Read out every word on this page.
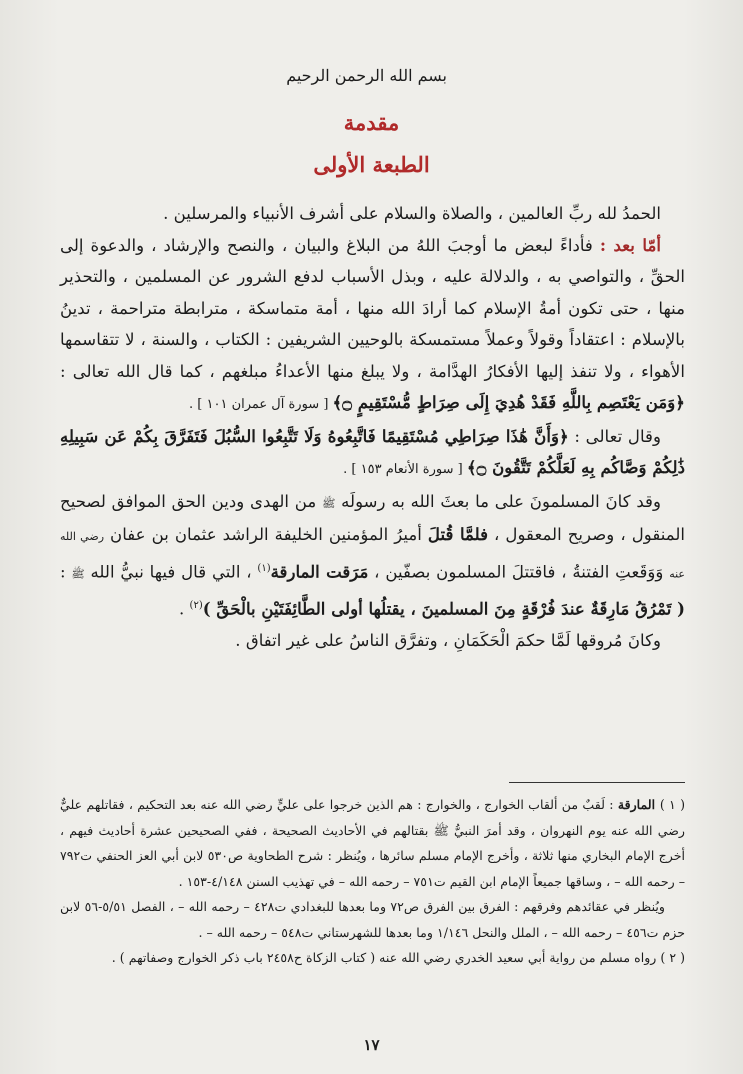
بسم الله الرحمن الرحيم
مقدمة
الطبعة الأولى

الحمدُ لله ربِّ العالمين ، والصلاة والسلام على أشرف الأنبياء والمرسلين .

أمّا بعد : فأداءً لبعض ما أوجبَ اللهُ من البلاغ والبيان ، والنصح والإرشاد ، والدعوة إلى الحقِّ ، والتواصي به ، والدلالة عليه ، وبذل الأسباب لدفع الشرور عن المسلمين ، والتحذير منها ، حتى تكون أمةُ الإسلام كما أرادَ الله منها ، أمة متماسكة ، مترابطة متراحمة ، تدينُ بالإسلام : اعتقاداً وقولاً وعملاً مستمسكة بالوحيين الشريفين : الكتاب ، والسنة ، لا تتقاسمها الأهواء ، ولا تنفذ إليها الأفكارُ الهدَّامة ، ولا يبلغ منها الأعداءُ مبلغهم ، كما قال الله تعالى : ﴿وَمَن يَعْتَصِم بِاللَّهِ فَقَدْ هُدِيَ إِلَى صِرَاطٍ مُّسْتَقِيمٍ ۝﴾ [ سورة آل عمران ١٠١ ] .

وقال تعالى : ﴿وَأَنَّ هَٰذَا صِرَاطِي مُسْتَقِيمًا فَاتَّبِعُوهُ وَلَا تَتَّبِعُوا السُّبُلَ فَتَفَرَّقَ بِكُمْ عَن سَبِيلِهِ ذَٰلِكُمْ وَصَّاكُم بِهِ لَعَلَّكُمْ تَتَّقُونَ ۝﴾ [ سورة الأنعام ١٥٣ ] .

وقد كانَ المسلمونَ على ما بعثَ الله به رسولَه ﷺ من الهدى ودين الحق الموافق لصحيح المنقول ، وصريح المعقول ، فلمَّا قُتلَ أميرُ المؤمنين الخليفة الراشد عثمان بن عفان رضي الله عنه وَوَقَعتِ الفتنةُ ، فاقتتلَ المسلمون بصفّين ، مَرَقت المارقة$^{(١)}$ ، التي قال فيها نبيُّ الله ﷺ : ( تَمْرُقُ مَارِقَةٌ عندَ فُرْقَةٍ مِنَ المسلمينَ ، يقتلُها أولى الطَّائِفَتَيْنِ بالْحَقِّ )$^{(٢)}$ .

وكانَ مُروقها لَمَّا حكمَ الْحَكَمَانِ ، وتفرَّق الناسُ على غير اتفاق .

( ١ ) المارقة : لَقبٌ من ألقاب الخوارج ، والخوارج : هم الذين خرجوا على عليٍّ رضي الله عنه بعد التحكيم ، فقاتلهم عليٌّ رضي الله عنه يوم النهروان ، وقد أمرَ النبيُّ ﷺ بقتالهم في الأحاديث الصحيحة ، ففي الصحيحين عشرة أحاديث فيهم ، أخرج الإمام البخاري منها ثلاثة ، وأخرج الإمام مسلم سائرها ، ويُنظر : شرح الطحاوية ص٥٣٠ لابن أبي العز الحنفي ت٧٩٢ – رحمه الله – ، وساقها جميعاً الإمام ابن القيم ت٧٥١ – رحمه الله – في تهذيب السنن ٤/١٤٨-١٥٣ .

ويُنظر في عقائدهم وفرقهم : الفرق بين الفرق ص٧٢ وما بعدها للبغدادي ت٤٢٨ – رحمه الله – ، الفصل ٥/٥١-٥٦ لابن حزم ت٤٥٦ – رحمه الله – ، الملل والنحل ١/١٤٦ وما بعدها للشهرستاني ت٥٤٨ – رحمه الله – .

( ٢ ) رواه مسلم من رواية أبي سعيد الخدري رضي الله عنه ( كتاب الزكاة ح٢٤٥٨ باب ذكر الخوارج وصفاتهم ) .

١٧
